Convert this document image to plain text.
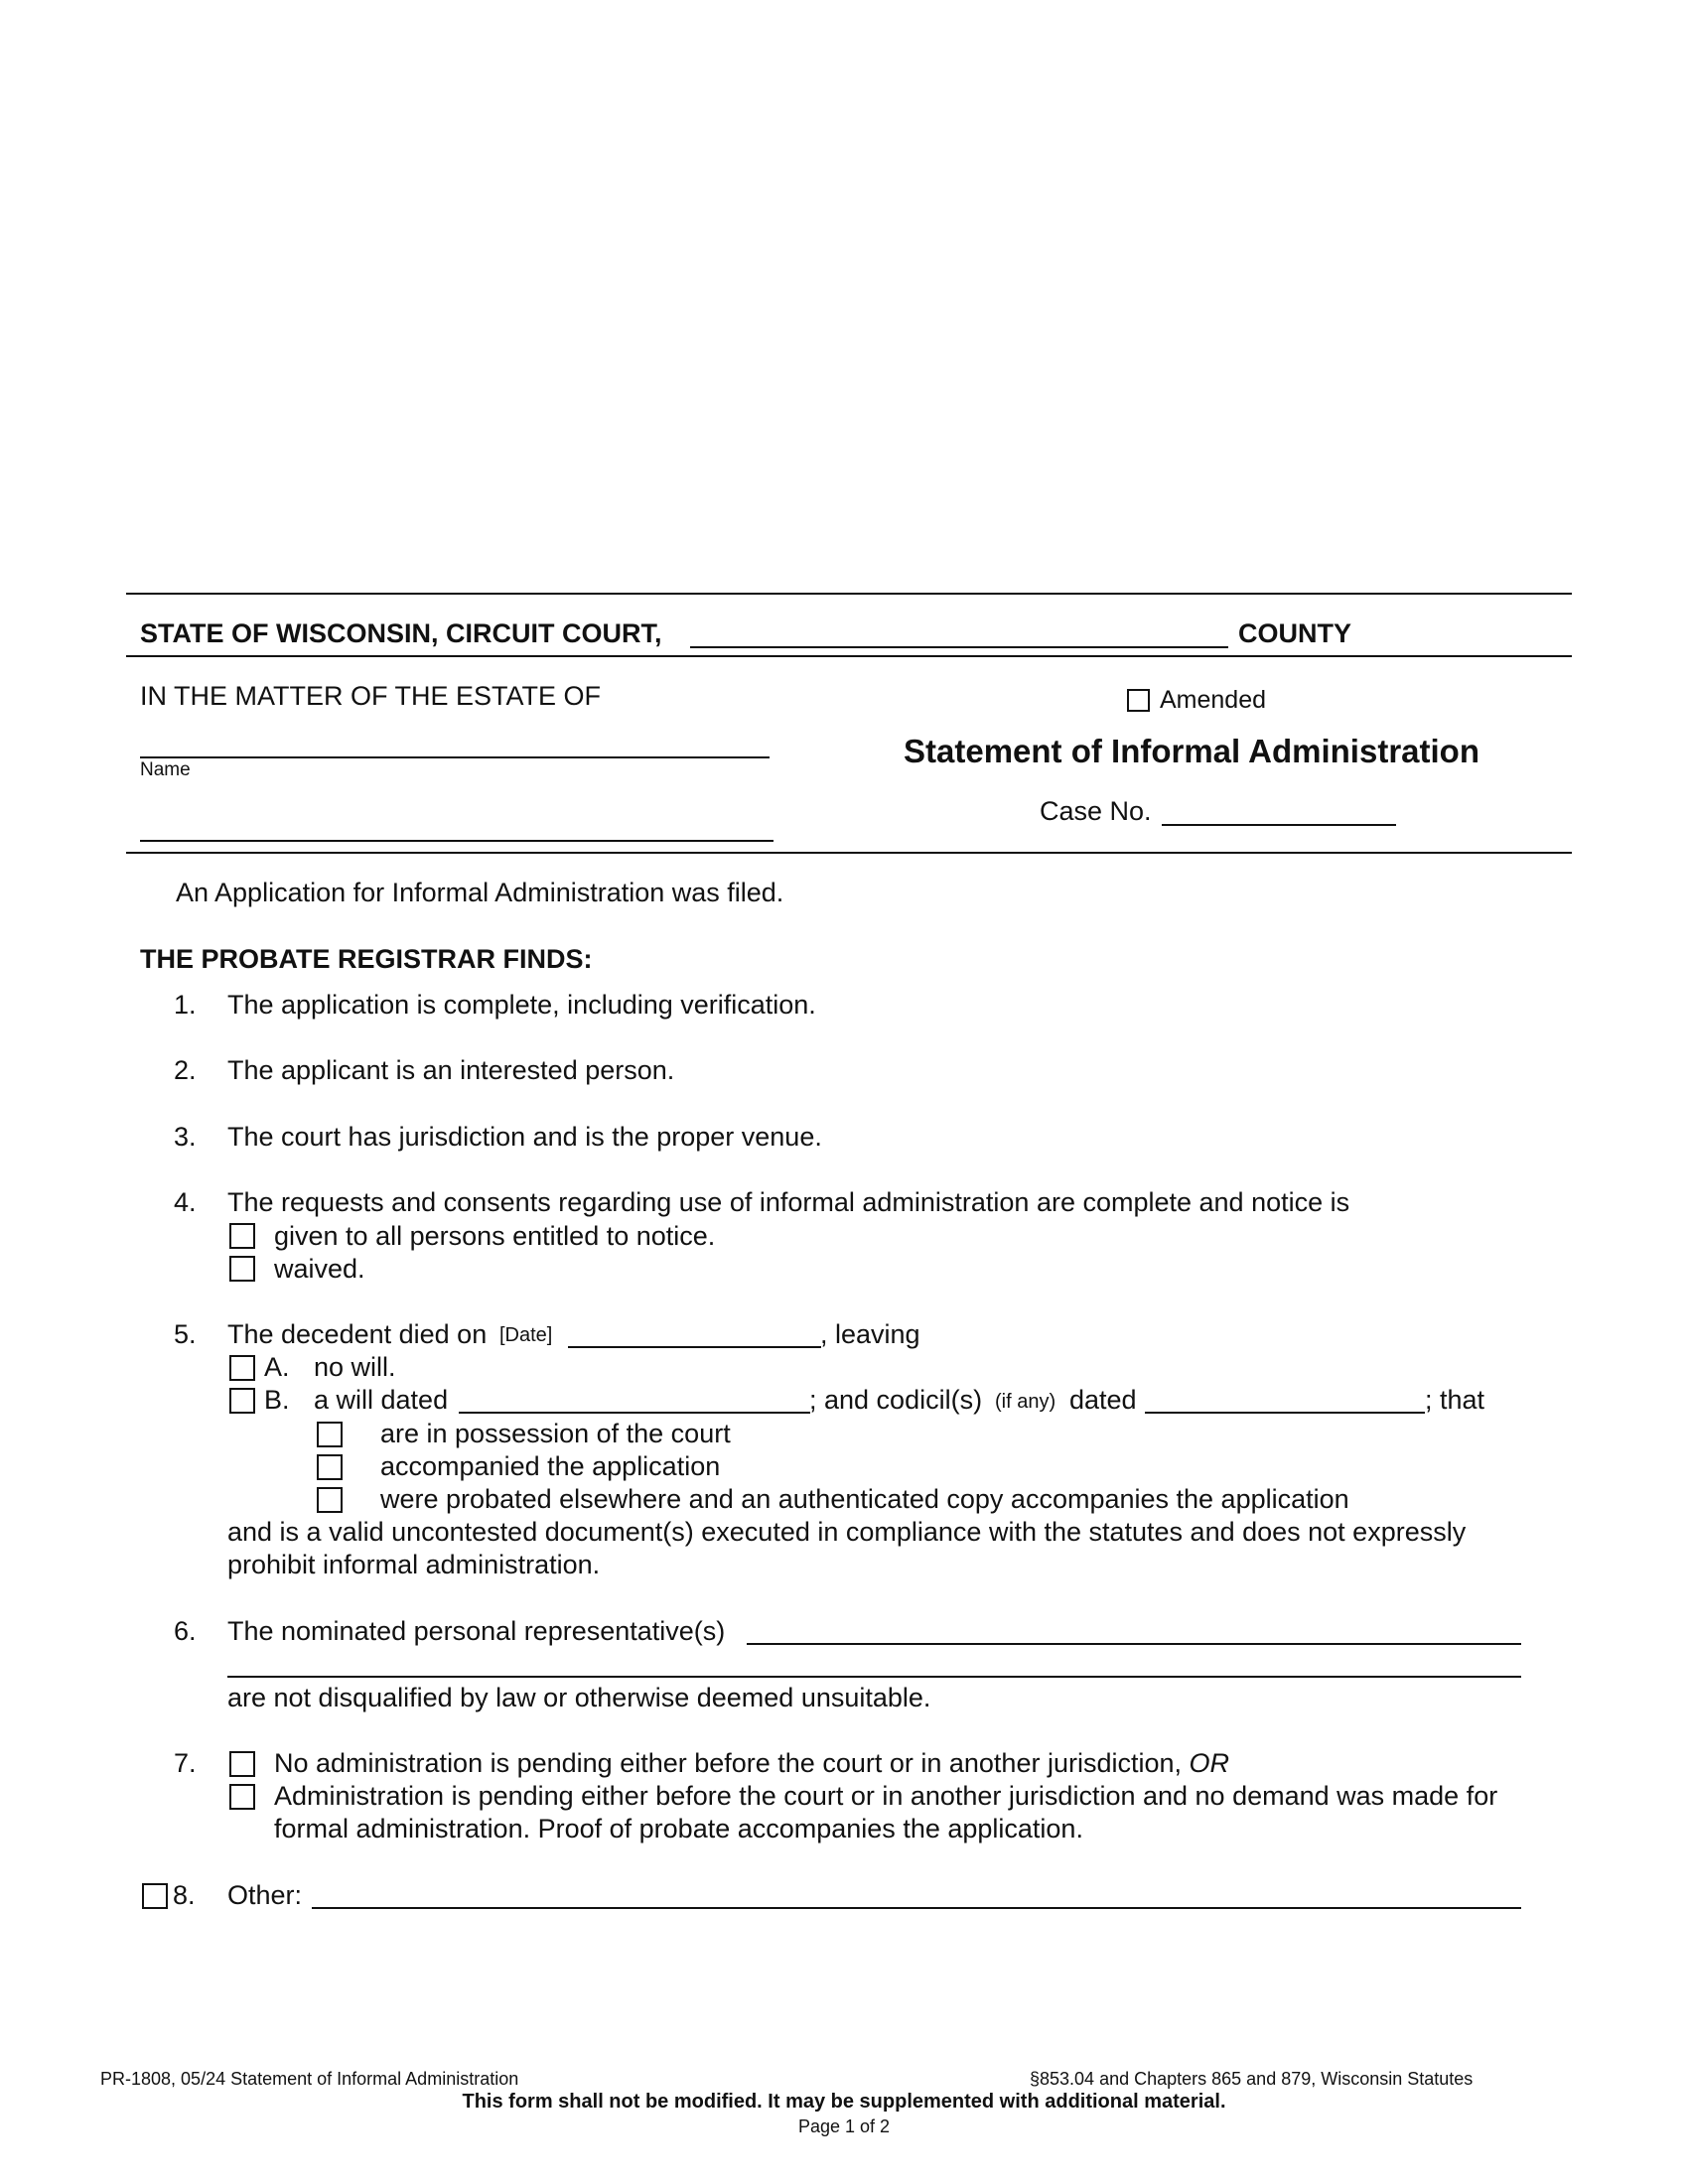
STATE OF WISCONSIN, CIRCUIT COURT,	COUNTY
IN THE MATTER OF THE ESTATE OF
Name
Amended
Statement of Informal Administration
Case No.
An Application for Informal Administration was filed.
THE PROBATE REGISTRAR FINDS:
1. The application is complete, including verification.
2. The applicant is an interested person.
3. The court has jurisdiction and is the proper venue.
4. The requests and consents regarding use of informal administration are complete and notice is
given to all persons entitled to notice.
waived.
5. The decedent died on [Date]	, leaving
A. no will.
B. a will dated	; and codicil(s) (if any) dated	; that
are in possession of the court
accompanied the application
were probated elsewhere and an authenticated copy accompanies the application
and is a valid uncontested document(s) executed in compliance with the statutes and does not expressly
prohibit informal administration.
6. The nominated personal representative(s)
are not disqualified by law or otherwise deemed unsuitable.
7.	No administration is pending either before the court or in another jurisdiction, OR
Administration is pending either before the court or in another jurisdiction and no demand was made for
formal administration. Proof of probate accompanies the application.
8. Other:
PR-1808, 05/24 Statement of Informal Administration	§853.04 and Chapters 865 and 879, Wisconsin Statutes
This form shall not be modified. It may be supplemented with additional material.
Page 1 of 2
